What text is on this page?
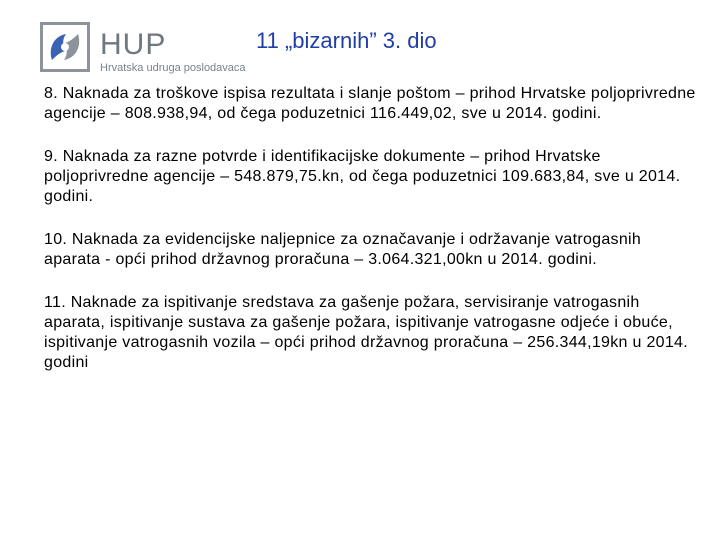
HUP
Hrvatska udruga poslodavaca
11 „bizarnih” 3. dio

8. Naknada za troškove ispisa rezultata i slanje poštom – prihod Hrvatske poljoprivredne agencije – 808.938,94, od čega poduzetnici 116.449,02, sve u 2014. godini.

9. Naknada za razne potvrde i identifikacijske dokumente – prihod Hrvatske poljoprivredne agencije – 548.879,75.kn, od čega poduzetnici 109.683,84, sve u 2014. godini.

10. Naknada za evidencijske naljepnice za označavanje i održavanje vatrogasnih aparata - opći prihod državnog proračuna – 3.064.321,00kn u 2014. godini.

11. Naknade za ispitivanje sredstava za gašenje požara, servisiranje vatrogasnih aparata, ispitivanje sustava za gašenje požara, ispitivanje vatrogasne odjeće i obuće, ispitivanje vatrogasnih vozila – opći prihod državnog proračuna – 256.344,19kn u 2014. godini
